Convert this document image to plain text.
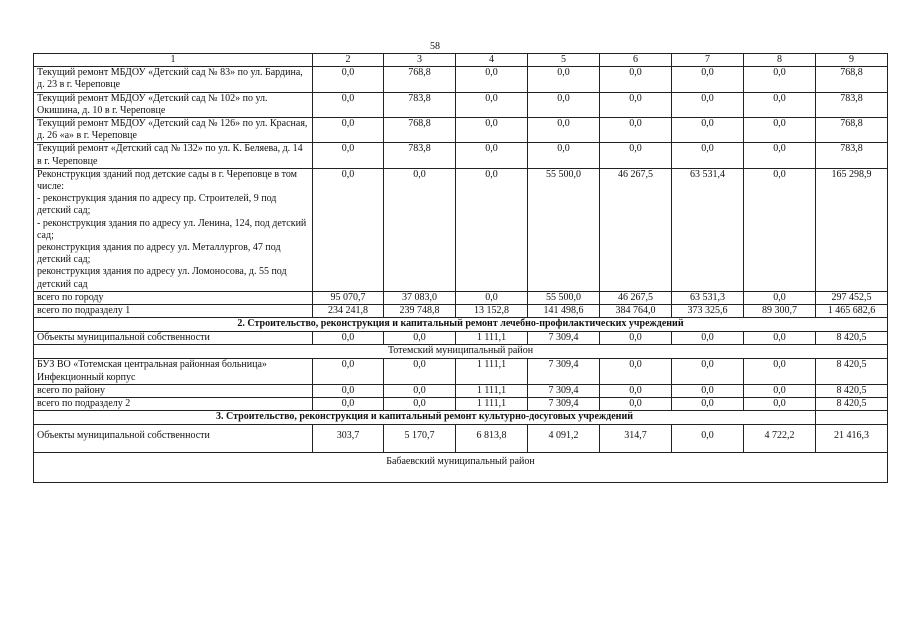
58
1	2	3	4	5	6	7	8	9
Текущий ремонт МБДОУ «Детский сад № 83» по ул. Бардина, д. 23 в г. Череповце	0,0	768,8	0,0	0,0	0,0	0,0	0,0	768,8
Текущий ремонт МБДОУ «Детский сад № 102» по ул. Окишина, д. 10 в г. Череповце	0,0	783,8	0,0	0,0	0,0	0,0	0,0	783,8
Текущий ремонт МБДОУ «Детский сад № 126» по ул. Красная, д. 26 «а» в г. Череповце	0,0	768,8	0,0	0,0	0,0	0,0	0,0	768,8
Текущий ремонт «Детский сад № 132» по ул. К. Беляева, д. 14 в г. Череповце	0,0	783,8	0,0	0,0	0,0	0,0	0,0	783,8

Реконструкция зданий под детские сады в г. Череповце в том числе:
- реконструкция здания по адресу пр. Строителей, 9 под детский сад;
- реконструкция здания по адресу ул. Ленина, 124, под детский сад;
реконструкция здания по адресу ул. Металлургов, 47 под детский сад;
реконструкция здания по адресу ул. Ломоносова, д. 55 под детский сад	0,0	0,0	0,0	55 500,0	46 267,5	63 531,4	0,0	165 298,9
всего по городу	95 070,7	37 083,0	0,0	55 500,0	46 267,5	63 531,3	0,0	297 452,5
всего по подразделу 1	234 241,8	239 748,8	13 152,8	141 498,6	384 764,0	373 325,6	89 300,7	1 465 682,6
2. Строительство, реконструкция и капитальный ремонт лечебно-профилактических учреждений								
Объекты муниципальной собственности	0,0	0,0	1 111,1	7 309,4	0,0	0,0	0,0	8 420,5
Тотемский муниципальный район								
БУЗ ВО «Тотемская центральная районная больница» Инфекционный корпус	0,0	0,0	1 111,1	7 309,4	0,0	0,0	0,0	8 420,5
всего по району	0,0	0,0	1 111,1	7 309,4	0,0	0,0	0,0	8 420,5
всего по подразделу 2	0,0	0,0	1 111,1	7 309,4	0,0	0,0	0,0	8 420,5
3. Строительство, реконструкция и капитальный ремонт культурно-досуговых учреждений								
Объекты муниципальной собственности	303,7	5 170,7	6 813,8	4 091,2	314,7	0,0	4 722,2	21 416,3
Бабаевский муниципальный район								
